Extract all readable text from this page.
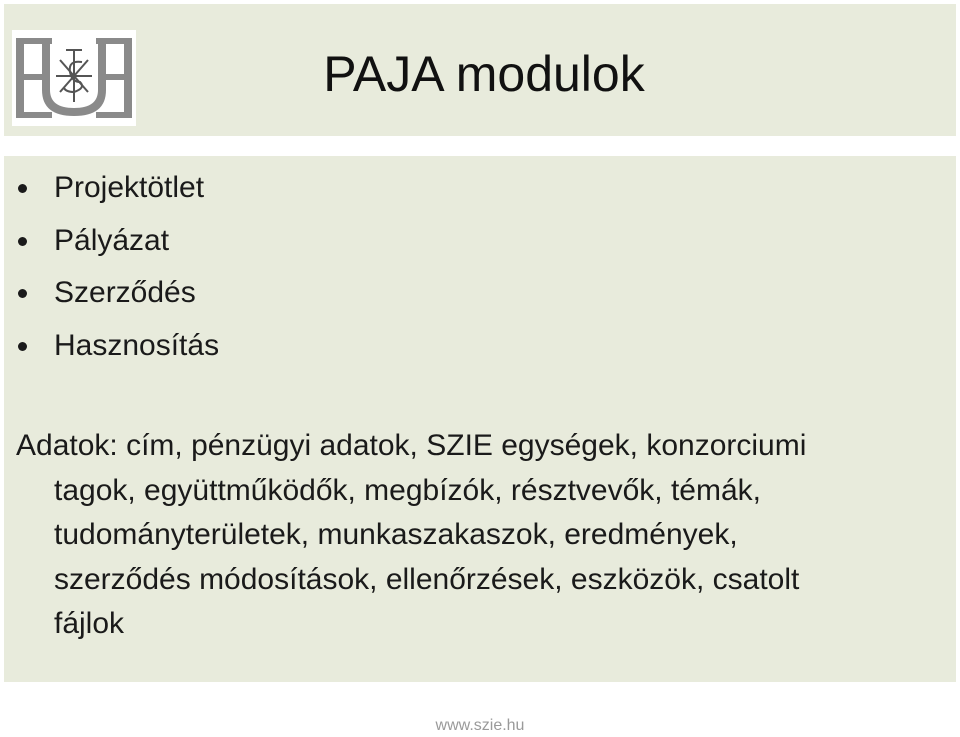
PAJA modulok
Projektötlet
Pályázat
Szerződés
Hasznosítás
Adatok: cím, pénzügyi adatok, SZIE egységek, konzorciumi
tagok, együttműködők, megbízók, résztvevők, témák,
tudományterületek, munkaszakaszok, eredmények,
szerződés módosítások, ellenőrzések, eszközök, csatolt
fájlok
www.szie.hu
